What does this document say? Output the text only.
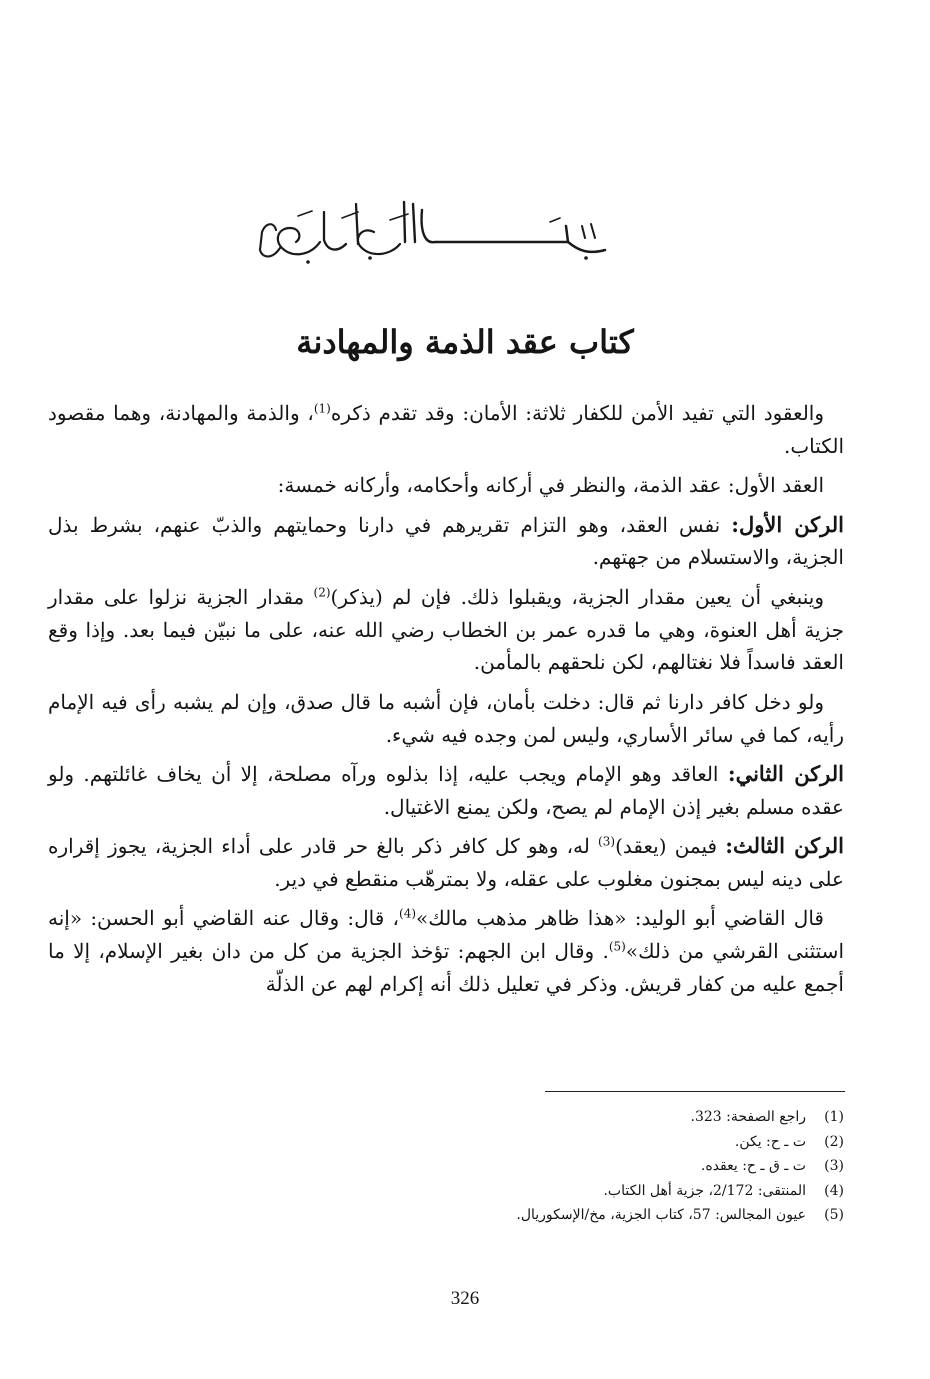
كتاب عقد الذمة والمهادنة

والعقود التي تفيد الأمن للكفار ثلاثة: الأمان: وقد تقدم ذكره$^{(1)}$، والذمة والمهادنة، وهما مقصود الكتاب.

العقد الأول: عقد الذمة، والنظر في أركانه وأحكامه، وأركانه خمسة:

الركن الأول: نفس العقد، وهو التزام تقريرهم في دارنا وحمايتهم والذبّ عنهم، بشرط بذل الجزية، والاستسلام من جهتهم.

وينبغي أن يعين مقدار الجزية، ويقبلوا ذلك. فإن لم (يذكر)$^{(2)}$ مقدار الجزية نزلوا على مقدار جزية أهل العنوة، وهي ما قدره عمر بن الخطاب رضي الله عنه، على ما نبيّن فيما بعد. وإذا وقع العقد فاسداً فلا نغتالهم، لكن نلحقهم بالمأمن.

ولو دخل كافر دارنا ثم قال: دخلت بأمان، فإن أشبه ما قال صدق، وإن لم يشبه رأى فيه الإمام رأيه، كما في سائر الأساري، وليس لمن وجده فيه شيء.

الركن الثاني: العاقد وهو الإمام ويجب عليه، إذا بذلوه ورآه مصلحة، إلا أن يخاف غائلتهم. ولو عقده مسلم بغير إذن الإمام لم يصح، ولكن يمنع الاغتيال.

الركن الثالث: فيمن (يعقد)$^{(3)}$ له، وهو كل كافر ذكر بالغ حر قادر على أداء الجزية، يجوز إقراره على دينه ليس بمجنون مغلوب على عقله، ولا بمترهّب منقطع في دير.

قال القاضي أبو الوليد: «هذا ظاهر مذهب مالك»$^{(4)}$، قال: وقال عنه القاضي أبو الحسن: «إنه استثنى القرشي من ذلك»$^{(5)}$. وقال ابن الجهم: تؤخذ الجزية من كل من دان بغير الإسلام، إلا ما أجمع عليه من كفار قريش. وذكر في تعليل ذلك أنه إكرام لهم عن الذلّة

(1)
راجع الصفحة: 323.
(2)
ت ـ ح: يكن.
(3)
ت ـ ق ـ ح: يعقده.
(4)
المنتقى: 2/172، جزية أهل الكتاب.
(5)
عيون المجالس: 57، كتاب الجزية، مخ/الإسكوريال.
326
